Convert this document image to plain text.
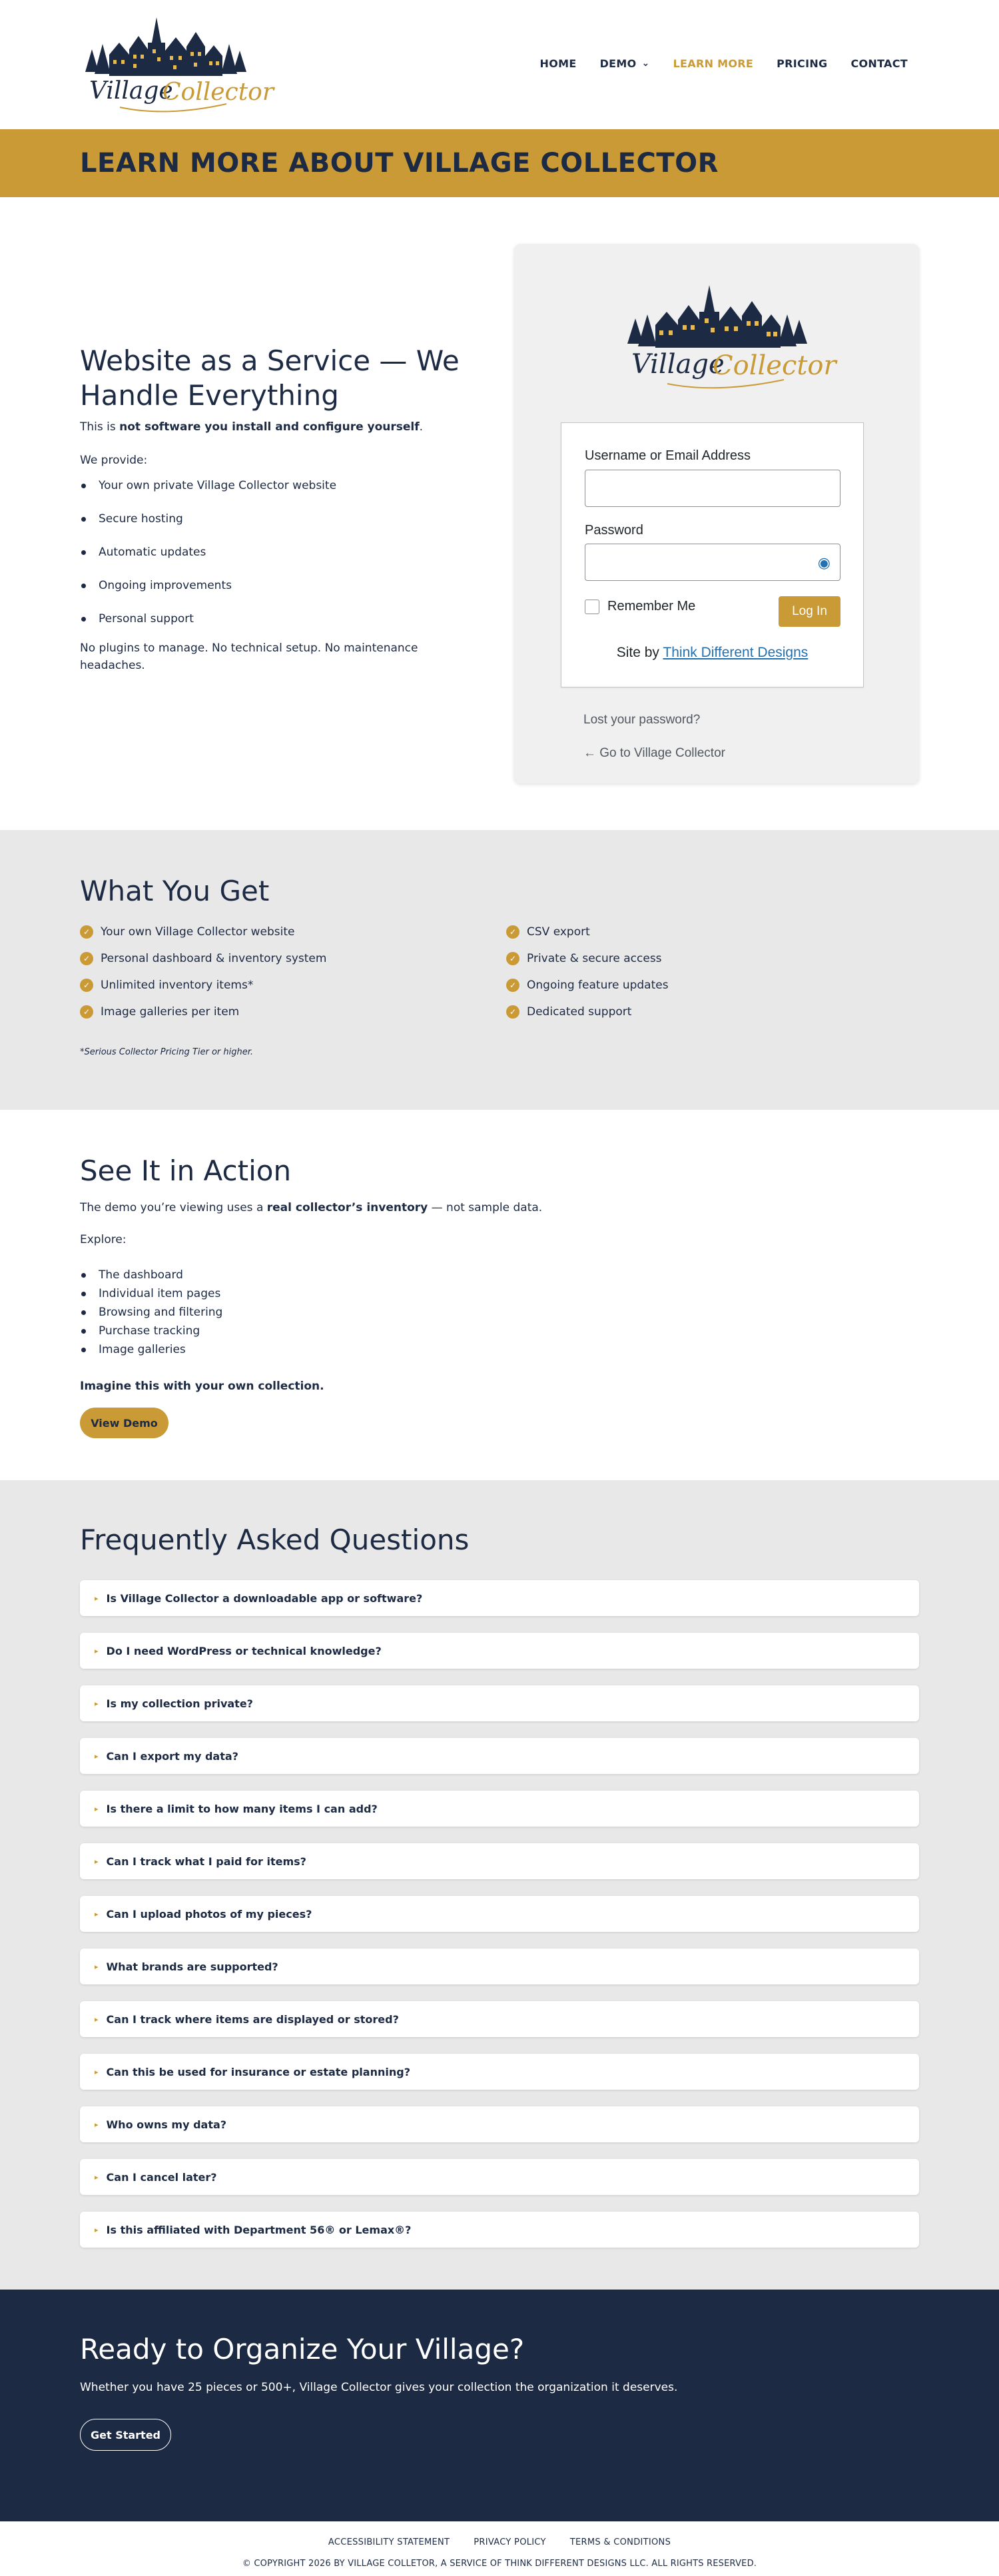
Village
Collector
HOME DEMO ⌄ LEARN MORE PRICING CONTACT
LEARN MORE ABOUT VILLAGE COLLECTOR
Website as a Service — We Handle Everything

This is not software you install and configure yourself.

We provide:

Your own private Village Collector website
Secure hosting
Automatic updates
Ongoing improvements
Personal support

No plugins to manage. No technical setup. No maintenance headaches.

Village
Collector
Username or Email Address
Password
◉
Remember Me	Log In
Site by Think Different Designs
Lost your password?
← Go to Village Collector
What You Get
✓ Your own Village Collector website
✓ Personal dashboard & inventory system
✓ Unlimited inventory items*
✓ Image galleries per item
✓ CSV export
✓ Private & secure access
✓ Ongoing feature updates
✓ Dedicated support

*Serious Collector Pricing Tier or higher.

See It in Action

The demo you’re viewing uses a real collector’s inventory — not sample data.

Explore:

The dashboard
Individual item pages
Browsing and filtering
Purchase tracking
Image galleries

Imagine this with your own collection.

View Demo
Frequently Asked Questions
▸ Is Village Collector a downloadable app or software?
▸ Do I need WordPress or technical knowledge?
▸ Is my collection private?
▸ Can I export my data?
▸ Is there a limit to how many items I can add?
▸ Can I track what I paid for items?
▸ Can I upload photos of my pieces?
▸ What brands are supported?
▸ Can I track where items are displayed or stored?
▸ Can this be used for insurance or estate planning?
▸ Who owns my data?
▸ Can I cancel later?
▸ Is this affiliated with Department 56® or Lemax®?
Ready to Organize Your Village?

Whether you have 25 pieces or 500+, Village Collector gives your collection the organization it deserves.

Get Started
ACCESSIBILITY STATEMENT	PRIVACY POLICY	TERMS & CONDITIONS
© COPYRIGHT 2026 BY VILLAGE COLLETOR, A SERVICE OF THINK DIFFERENT DESIGNS LLC. ALL RIGHTS RESERVED.
